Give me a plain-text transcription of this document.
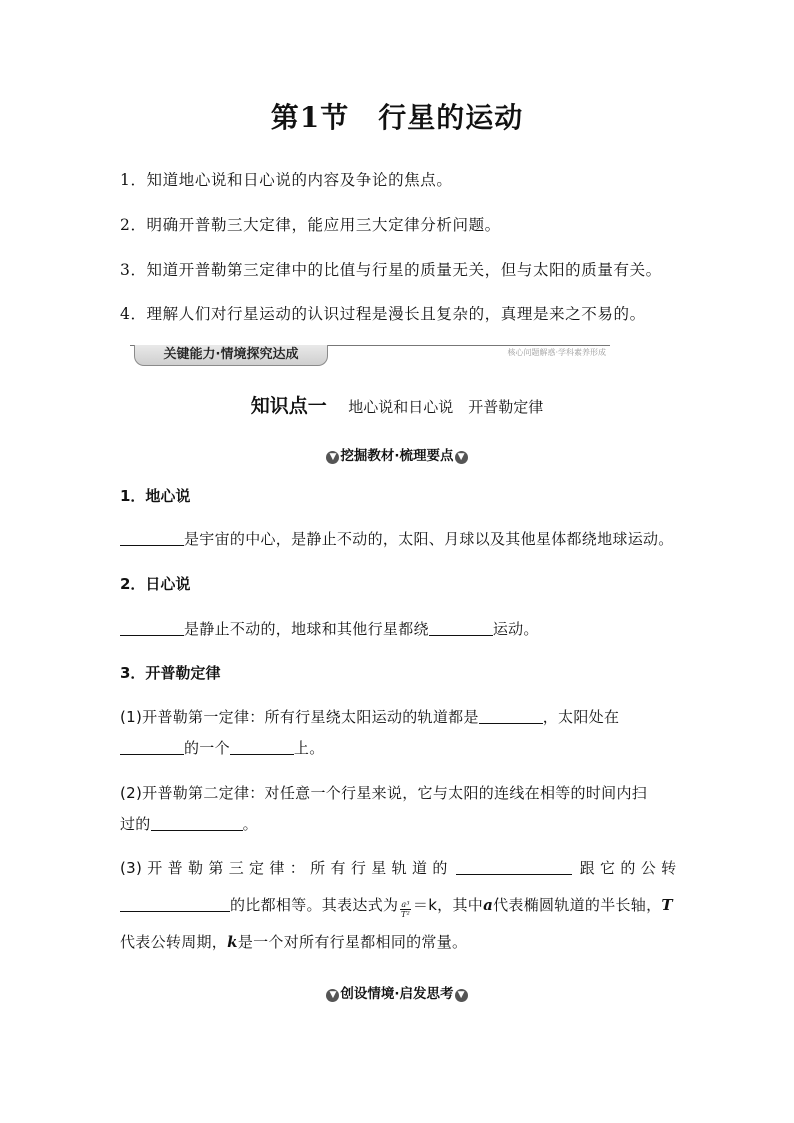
第1节　行星的运动
1．知道地心说和日心说的内容及争论的焦点。
2．明确开普勒三大定律，能应用三大定律分析问题。
3．知道开普勒第三定律中的比值与行星的质量无关，但与太阳的质量有关。
4．理解人们对行星运动的认识过程是漫长且复杂的，真理是来之不易的。
关键能力·情境探究达成	核心问题解惑·学科素养形成
知识点一 地心说和日心说　开普勒定律
▼ 挖掘教材·梳理要点 ▼
1．地心说
是宇宙的中心，是静止不动的，太阳、月球以及其他星体都绕地球运动。
2．日心说
是静止不动的，地球和其他行星都绕	运动。
3．开普勒定律
(1)开普勒第一定律：所有行星绕太阳运动的轨道都是	，太阳处在
的一个	上。
(2)开普勒第二定律：对任意一个行星来说，它与太阳的连线在相等的时间内扫
过的	。
(3) 开 普 勒 第 三 定 律 ： 所 有 行 星 轨 道 的	跟 它 的 公 转
的比都相等。其表达式为 $\frac{\text{a³}}{\text{T²}} =k$，其中a代表椭圆轨道的半长轴，T
代表公转周期，k是一个对所有行星都相同的常量。
▼ 创设情境·启发思考 ▼
